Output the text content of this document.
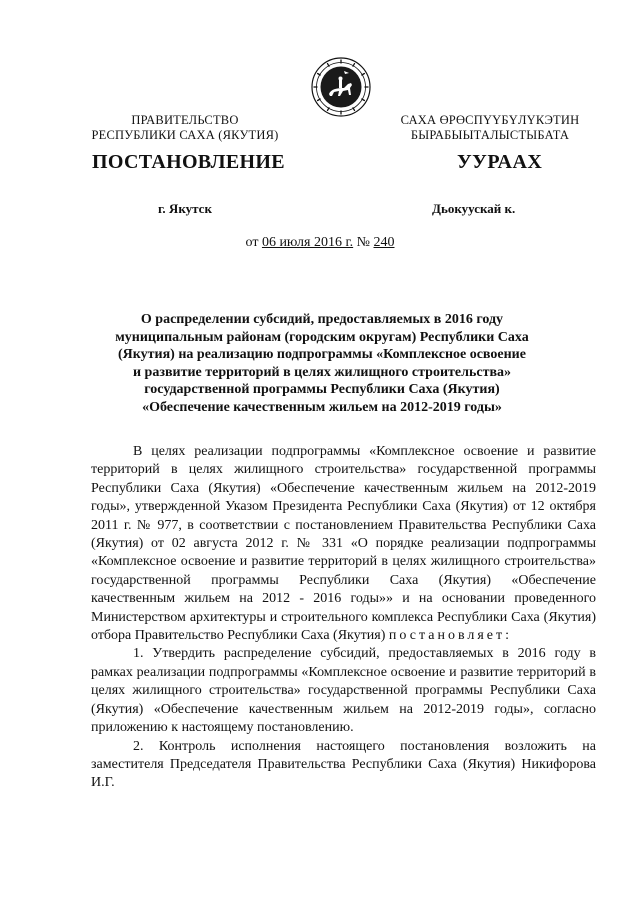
ПРАВИТЕЛЬСТВО
РЕСПУБЛИКИ САХА (ЯКУТИЯ)
САХА ӨРӨСПҮҮБҮЛҮКЭТИН
БЫРАБЫЫТАЛЫСТЫБАТА
ПОСТАНОВЛЕНИЕ	УУРААХ
г. Якутск	Дьокуускай к.
от 06 июля 2016 г. № 240
О распределении субсидий, предоставляемых в 2016 году
муниципальным районам (городским округам) Республики Саха
(Якутия) на реализацию подпрограммы «Комплексное освоение
и развитие территорий в целях жилищного строительства»
государственной программы Республики Саха (Якутия)
«Обеспечение качественным жильем на 2012-2019 годы»

В целях реализации подпрограммы «Комплексное освоение и развитие территорий в целях жилищного строительства» государственной программы Республики Саха (Якутия) «Обеспечение качественным жильем на 2012-2019 годы», утвержденной Указом Президента Республики Саха (Якутия) от 12 октября 2011 г. № 977, в соответствии с постановлением Правительства Республики Саха (Якутия) от 02 августа 2012 г. № 331 «О порядке реализации подпрограммы «Комплексное освоение и развитие территорий в целях жилищного строительства» государственной программы Республики Саха (Якутия) «Обеспечение качественным жильем на 2012 - 2016 годы»» и на основании проведенного Министерством архитектуры и строительного комплекса Республики Саха (Якутия) отбора Правительство Республики Саха (Якутия) постановляет:

1. Утвердить распределение субсидий, предоставляемых в 2016 году в рамках реализации подпрограммы «Комплексное освоение и развитие территорий в целях жилищного строительства» государственной программы Республики Саха (Якутия) «Обеспечение качественным жильем на 2012-2019 годы», согласно приложению к настоящему постановлению.

2. Контроль исполнения настоящего постановления возложить на заместителя Председателя Правительства Республики Саха (Якутия) Никифорова И.Г.
